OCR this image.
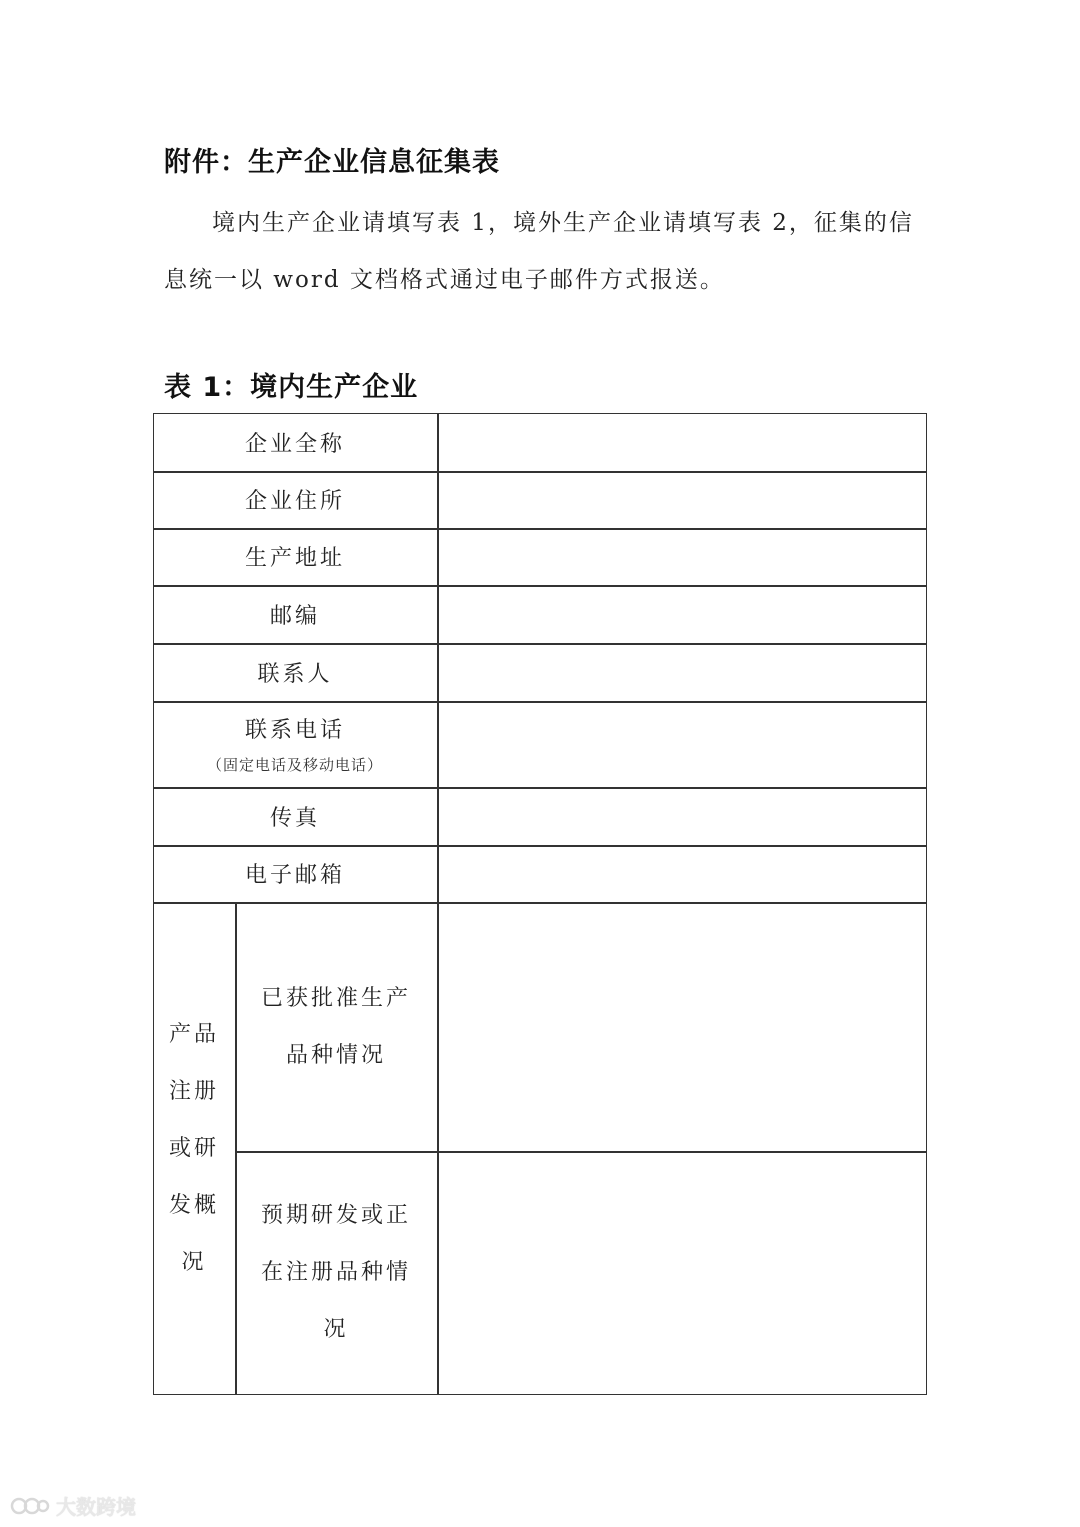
附件：生产企业信息征集表
境内生产企业请填写表 1，境外生产企业请填写表 2，征集的信息统一以 word 文档格式通过电子邮件方式报送。
表 1：境内生产企业
企业全称
企业住所
生产地址
邮编
联系人
联系电话
（固定电话及移动电话）
传真
电子邮箱
产品注册或研发概况
已获批准生产品种情况
预期研发或正在注册品种情况
大数跨境
